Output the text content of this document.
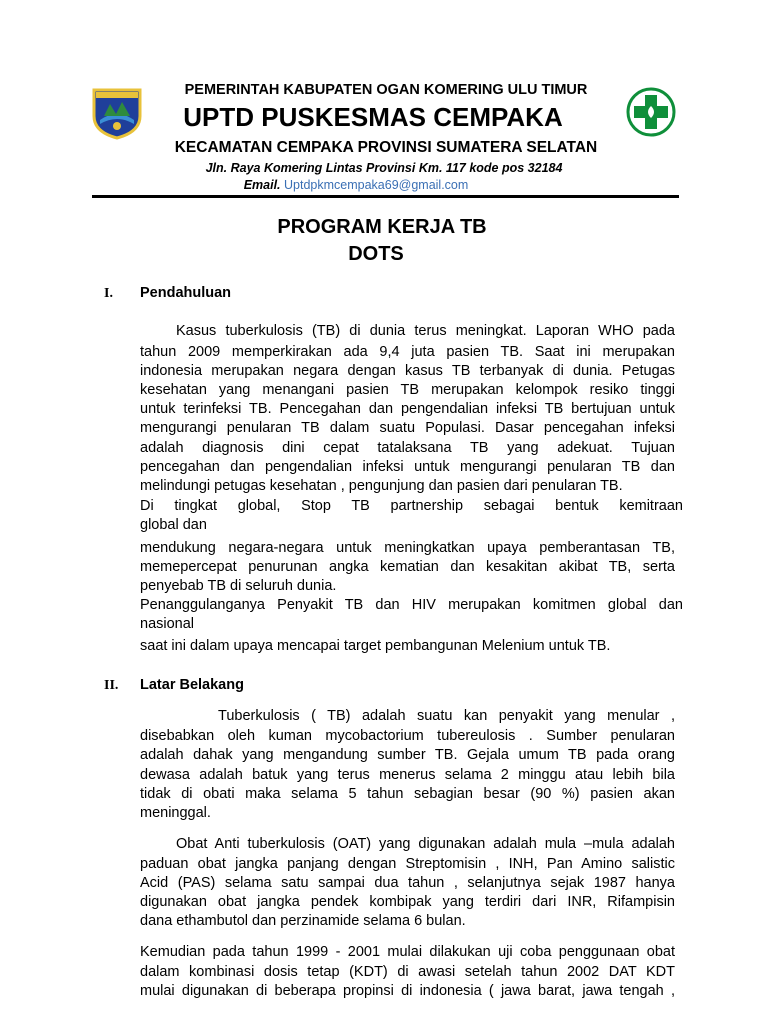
PEMERINTAH KABUPATEN OGAN KOMERING ULU TIMUR
UPTD PUSKESMAS CEMPAKA
KECAMATAN CEMPAKA PROVINSI SUMATERA SELATAN
Jln. Raya Komering Lintas Provinsi Km. 117 kode pos 32184
Email. Uptdpkmcempaka69@gmail.com
PROGRAM KERJA TB
DOTS
I. Pendahuluan
Kasus tuberkulosis (TB) di dunia terus meningkat. Laporan WHO pada
tahun 2009 memperkirakan ada 9,4 juta pasien TB. Saat ini merupakan
indonesia merupakan negara dengan kasus TB terbanyak di dunia. Petugas
kesehatan yang menangani pasien TB merupakan kelompok resiko tinggi
untuk terinfeksi TB. Pencegahan dan pengendalian infeksi TB bertujuan untuk
mengurangi penularan TB dalam suatu Populasi. Dasar pencegahan infeksi
adalah diagnosis dini cepat tatalaksana TB yang adekuat. Tujuan
pencegahan dan pengendalian infeksi untuk mengurangi penularan TB dan
melindungi petugas kesehatan , pengunjung dan pasien dari penularan TB.
Di tingkat global, Stop TB partnership sebagai bentuk kemitraan
global dan
mendukung negara-negara untuk meningkatkan upaya pemberantasan TB,
memepercepat penurunan angka kematian dan kesakitan akibat TB, serta
penyebab TB di seluruh dunia.
Penanggulanganya Penyakit TB dan HIV merupakan komitmen global dan
nasional
saat ini dalam upaya mencapai target pembangunan Melenium untuk TB.
II. Latar Belakang
Tuberkulosis ( TB) adalah suatu kan penyakit yang menular ,
disebabkan oleh kuman mycobactorium tubereulosis . Sumber penularan
adalah dahak yang mengandung sumber TB. Gejala umum TB pada orang
dewasa adalah batuk yang terus menerus selama 2 minggu atau lebih bila
tidak di obati maka selama 5 tahun sebagian besar (90 %) pasien akan
meninggal.
Obat Anti tuberkulosis (OAT) yang digunakan adalah mula –mula adalah
paduan obat jangka panjang dengan Streptomisin , INH, Pan Amino salistic
Acid (PAS) selama satu sampai dua tahun , selanjutnya sejak 1987 hanya
digunakan obat jangka pendek kombipak yang terdiri dari INR, Rifampisin
dana ethambutol dan perzinamide selama 6 bulan.
Kemudian pada tahun 1999 - 2001 mulai dilakukan uji coba penggunaan obat
dalam kombinasi dosis tetap (KDT) di awasi setelah tahun 2002 DAT KDT
mulai digunakan di beberapa propinsi di indonesia ( jawa barat, jawa tengah ,
